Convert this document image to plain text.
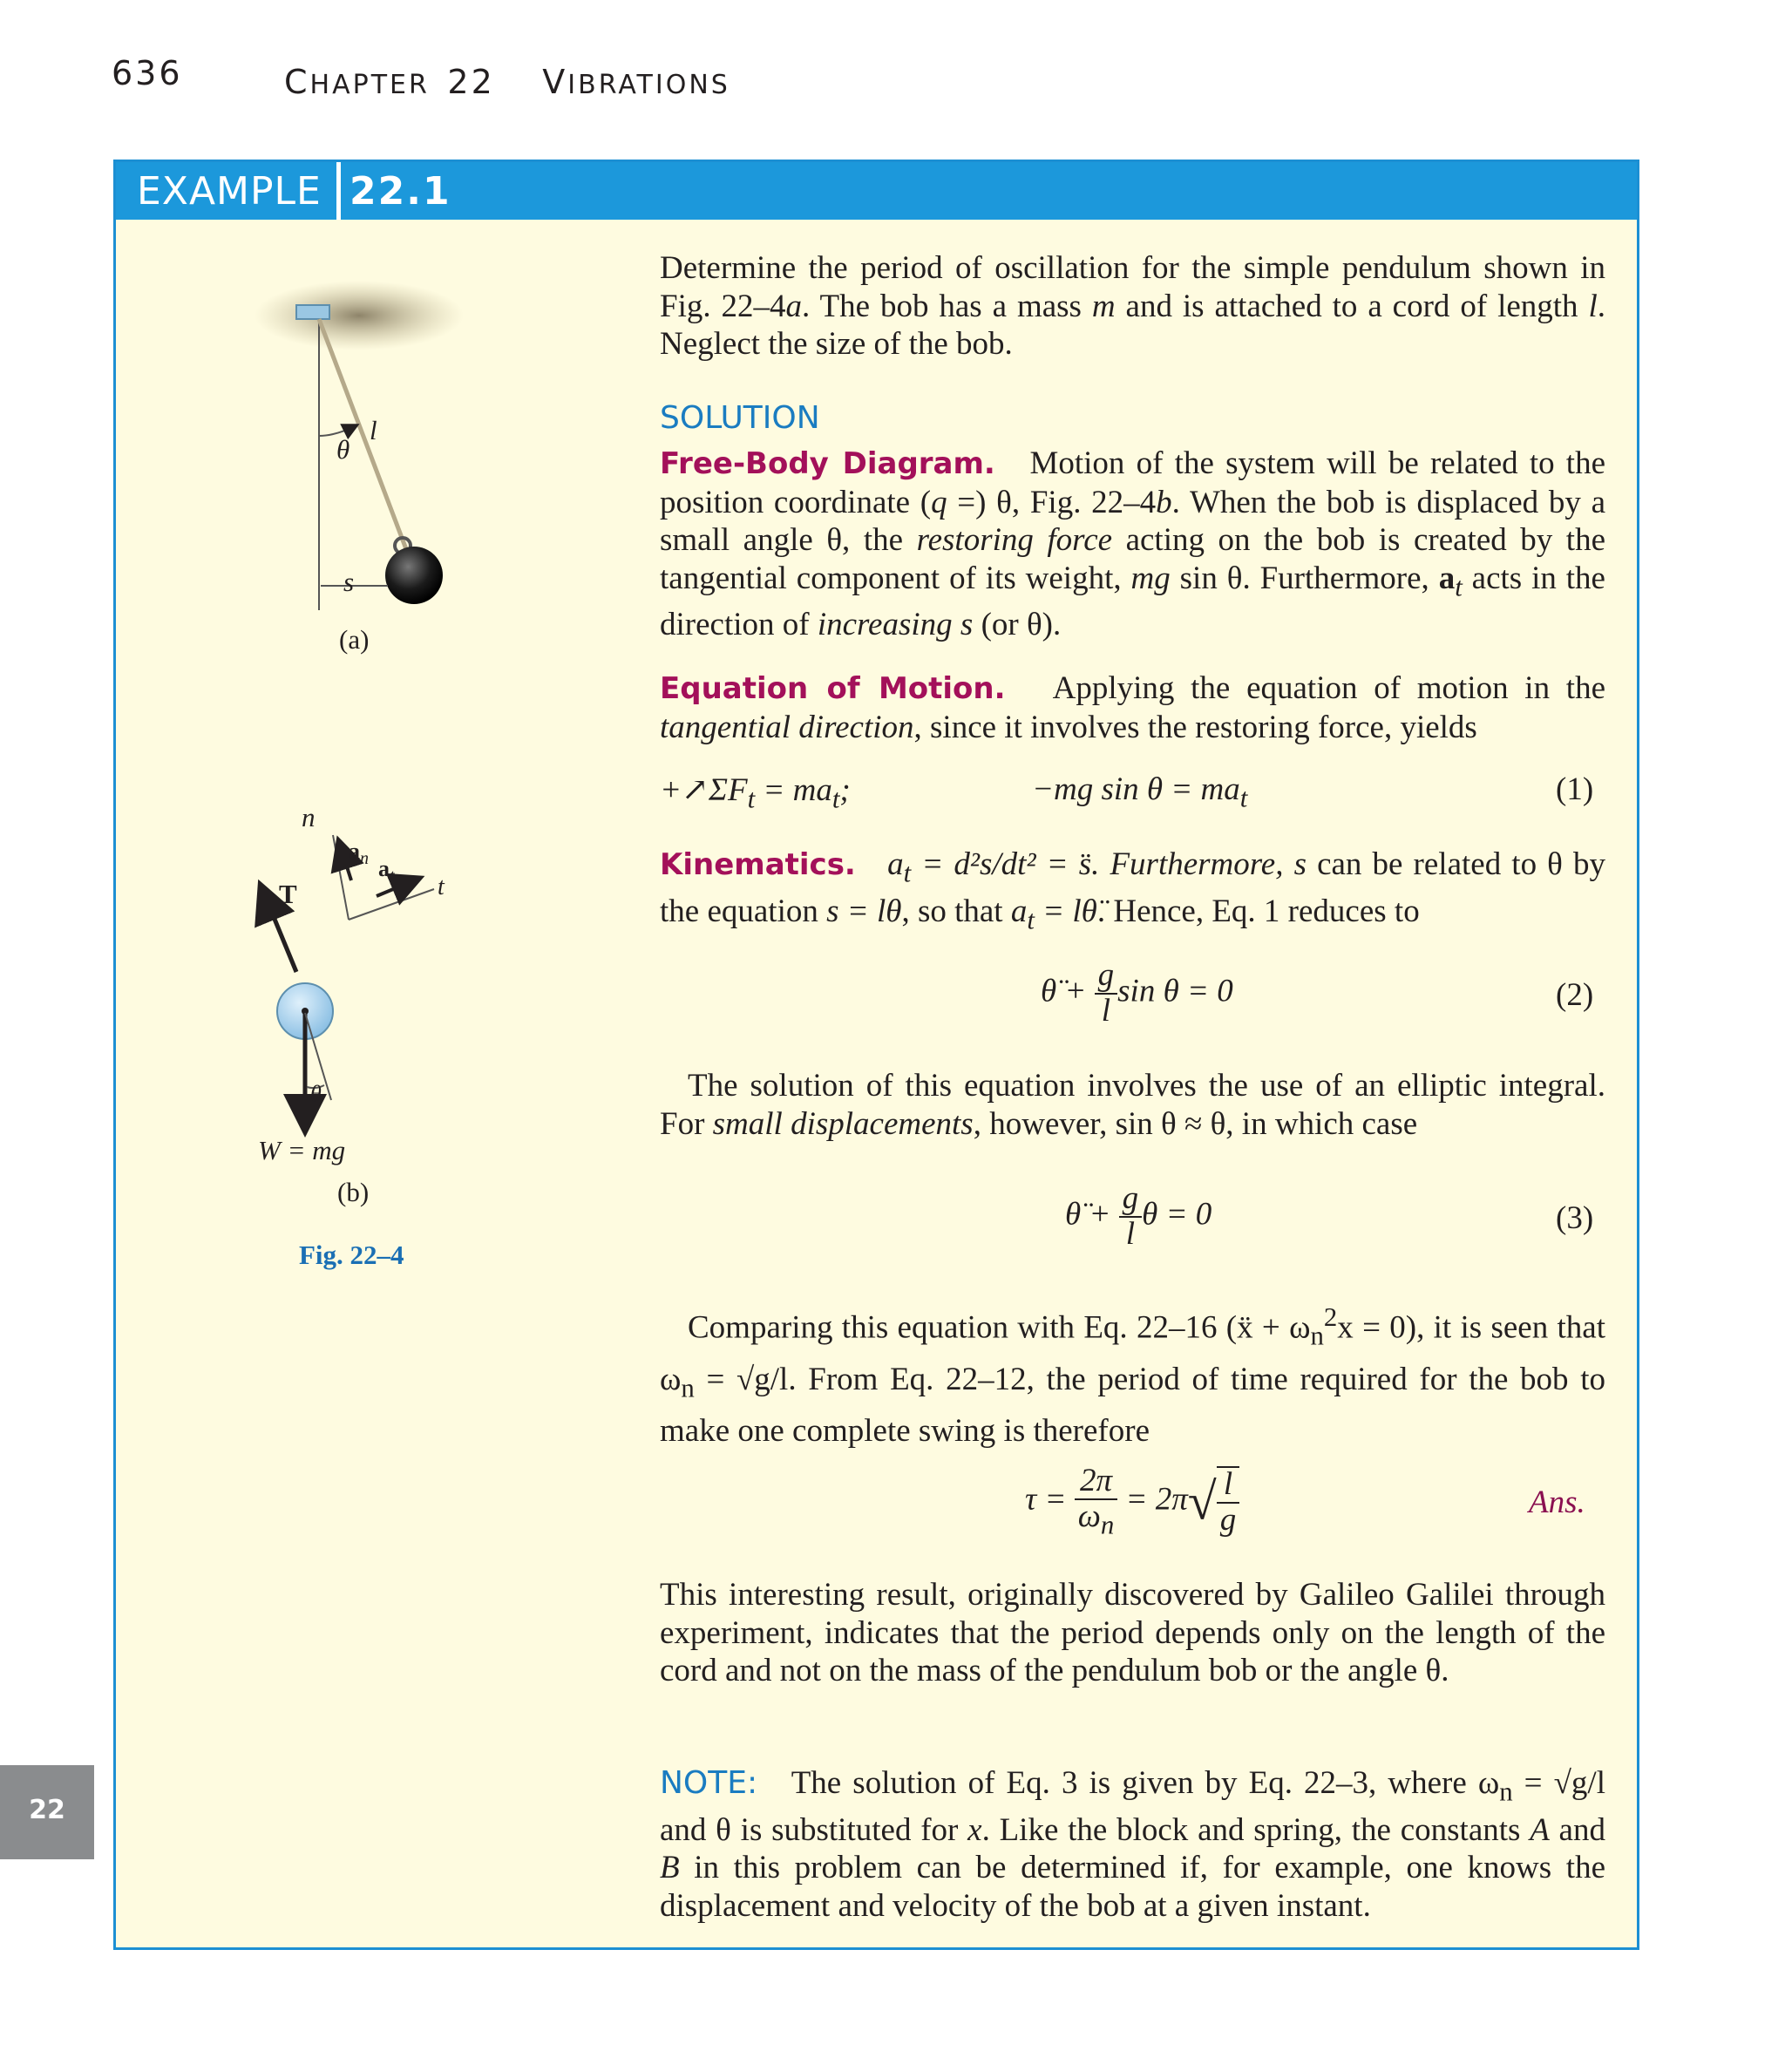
636	CHAPTER 22 VIBRATIONS
EXAMPLE 22.1
l
θ
s
(a)
n
$a_n$ $a_t$ t
T
θ
W = mg
(b)
Fig. 22–4
Determine the period of oscillation for the simple pendulum shown in Fig. 22–4a. The bob has a mass m and is attached to a cord of length l. Neglect the size of the bob.
SOLUTION
Free-Body Diagram. Motion of the system will be related to the position coordinate (q =) θ, Fig. 22–4b. When the bob is displaced by a small angle θ, the restoring force acting on the bob is created by the tangential component of its weight, mg sin θ. Furthermore, $a_t$ acts in the direction of increasing s (or θ).
Equation of Motion. Applying the equation of motion in the tangential direction, since it involves the restoring force, yields
$+↗\Sigma F_t = ma_t$;	−mg $\sin \theta = ma_t$	(1)
Kinematics. $a_t = d^2s/dt^2$ = s̈. Furthermore, s can be related to θ by the equation s = lθ, so that $a_t$ = lθ̈. Hence, Eq. 1 reduces to
θ̈ + $\frac{g}{l}$ sin θ = 0	(2)
The solution of this equation involves the use of an elliptic integral. For small displacements, however, sin θ ≈ θ, in which case
θ̈ + $\frac{g}{l}$ θ = 0	(3)
Comparing this equation with Eq. 22–16 (ẍ + $\omega_n^2x = 0$), it is seen that $\omega_n = √g/l$. From Eq. 22–12, the period of time required for the bob to make one complete swing is therefore
$\tau = \frac{2\pi}{\omega_n} = 2\pi√ \frac{l}{g}$	Ans.
This interesting result, originally discovered by Galileo Galilei through experiment, indicates that the period depends only on the length of the cord and not on the mass of the pendulum bob or the angle θ.
NOTE: The solution of Eq. 3 is given by Eq. 22–3, where $\omega_n = √g/l$ and θ is substituted for x. Like the block and spring, the constants A and B in this problem can be determined if, for example, one knows the displacement and velocity of the bob at a given instant.
22
